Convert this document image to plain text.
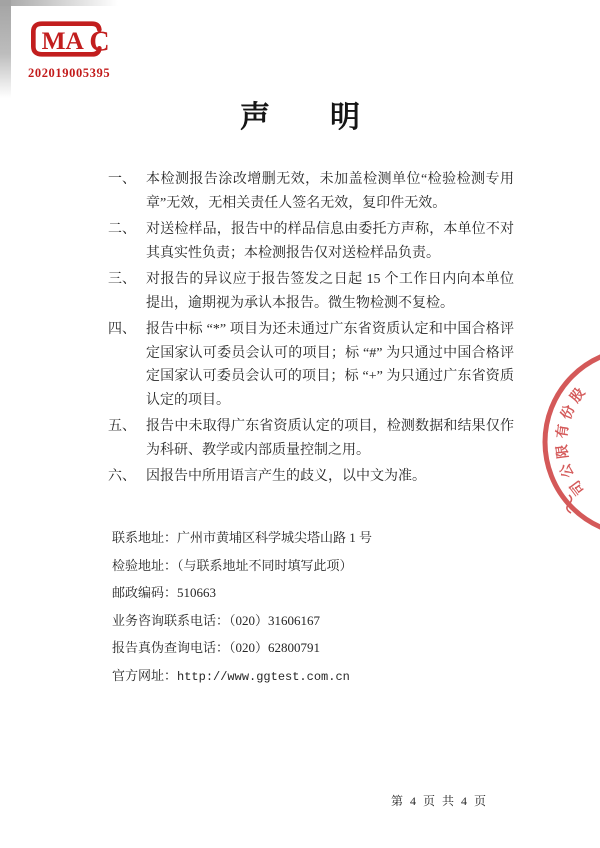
MA C
202019005395
声　　明
一、 本检测报告涂改增删无效，未加盖检测单位“检验检测专用章”无效，无相关责任人签名无效，复印件无效。

二、 对送检样品，报告中的样品信息由委托方声称，本单位不对其真实性负责；本检测报告仅对送检样品负责。

三、 对报告的异议应于报告签发之日起 15 个工作日内向本单位提出，逾期视为承认本报告。微生物检测不复检。

四、 报告中标 “*” 项目为还未通过广东省资质认定和中国合格评定国家认可委员会认可的项目；标 “#” 为只通过中国合格评定国家认可委员会认可的项目；标 “+” 为只通过广东省资质认定的项目。

五、 报告中未取得广东省资质认定的项目，检测数据和结果仅作为科研、教学或内部质量控制之用。

六、 因报告中所用语言产生的歧义，以中文为准。

联系地址：广州市黄埔区科学城尖塔山路 1 号
检验地址：（与联系地址不同时填写此项）
邮政编码：510663
业务咨询联系电话：（020）31606167
报告真伪查询电话：（020）62800791
官方网址：http://www.ggtest.com.cn
第 4 页 共 4 页
股
份
有
限
公
司
